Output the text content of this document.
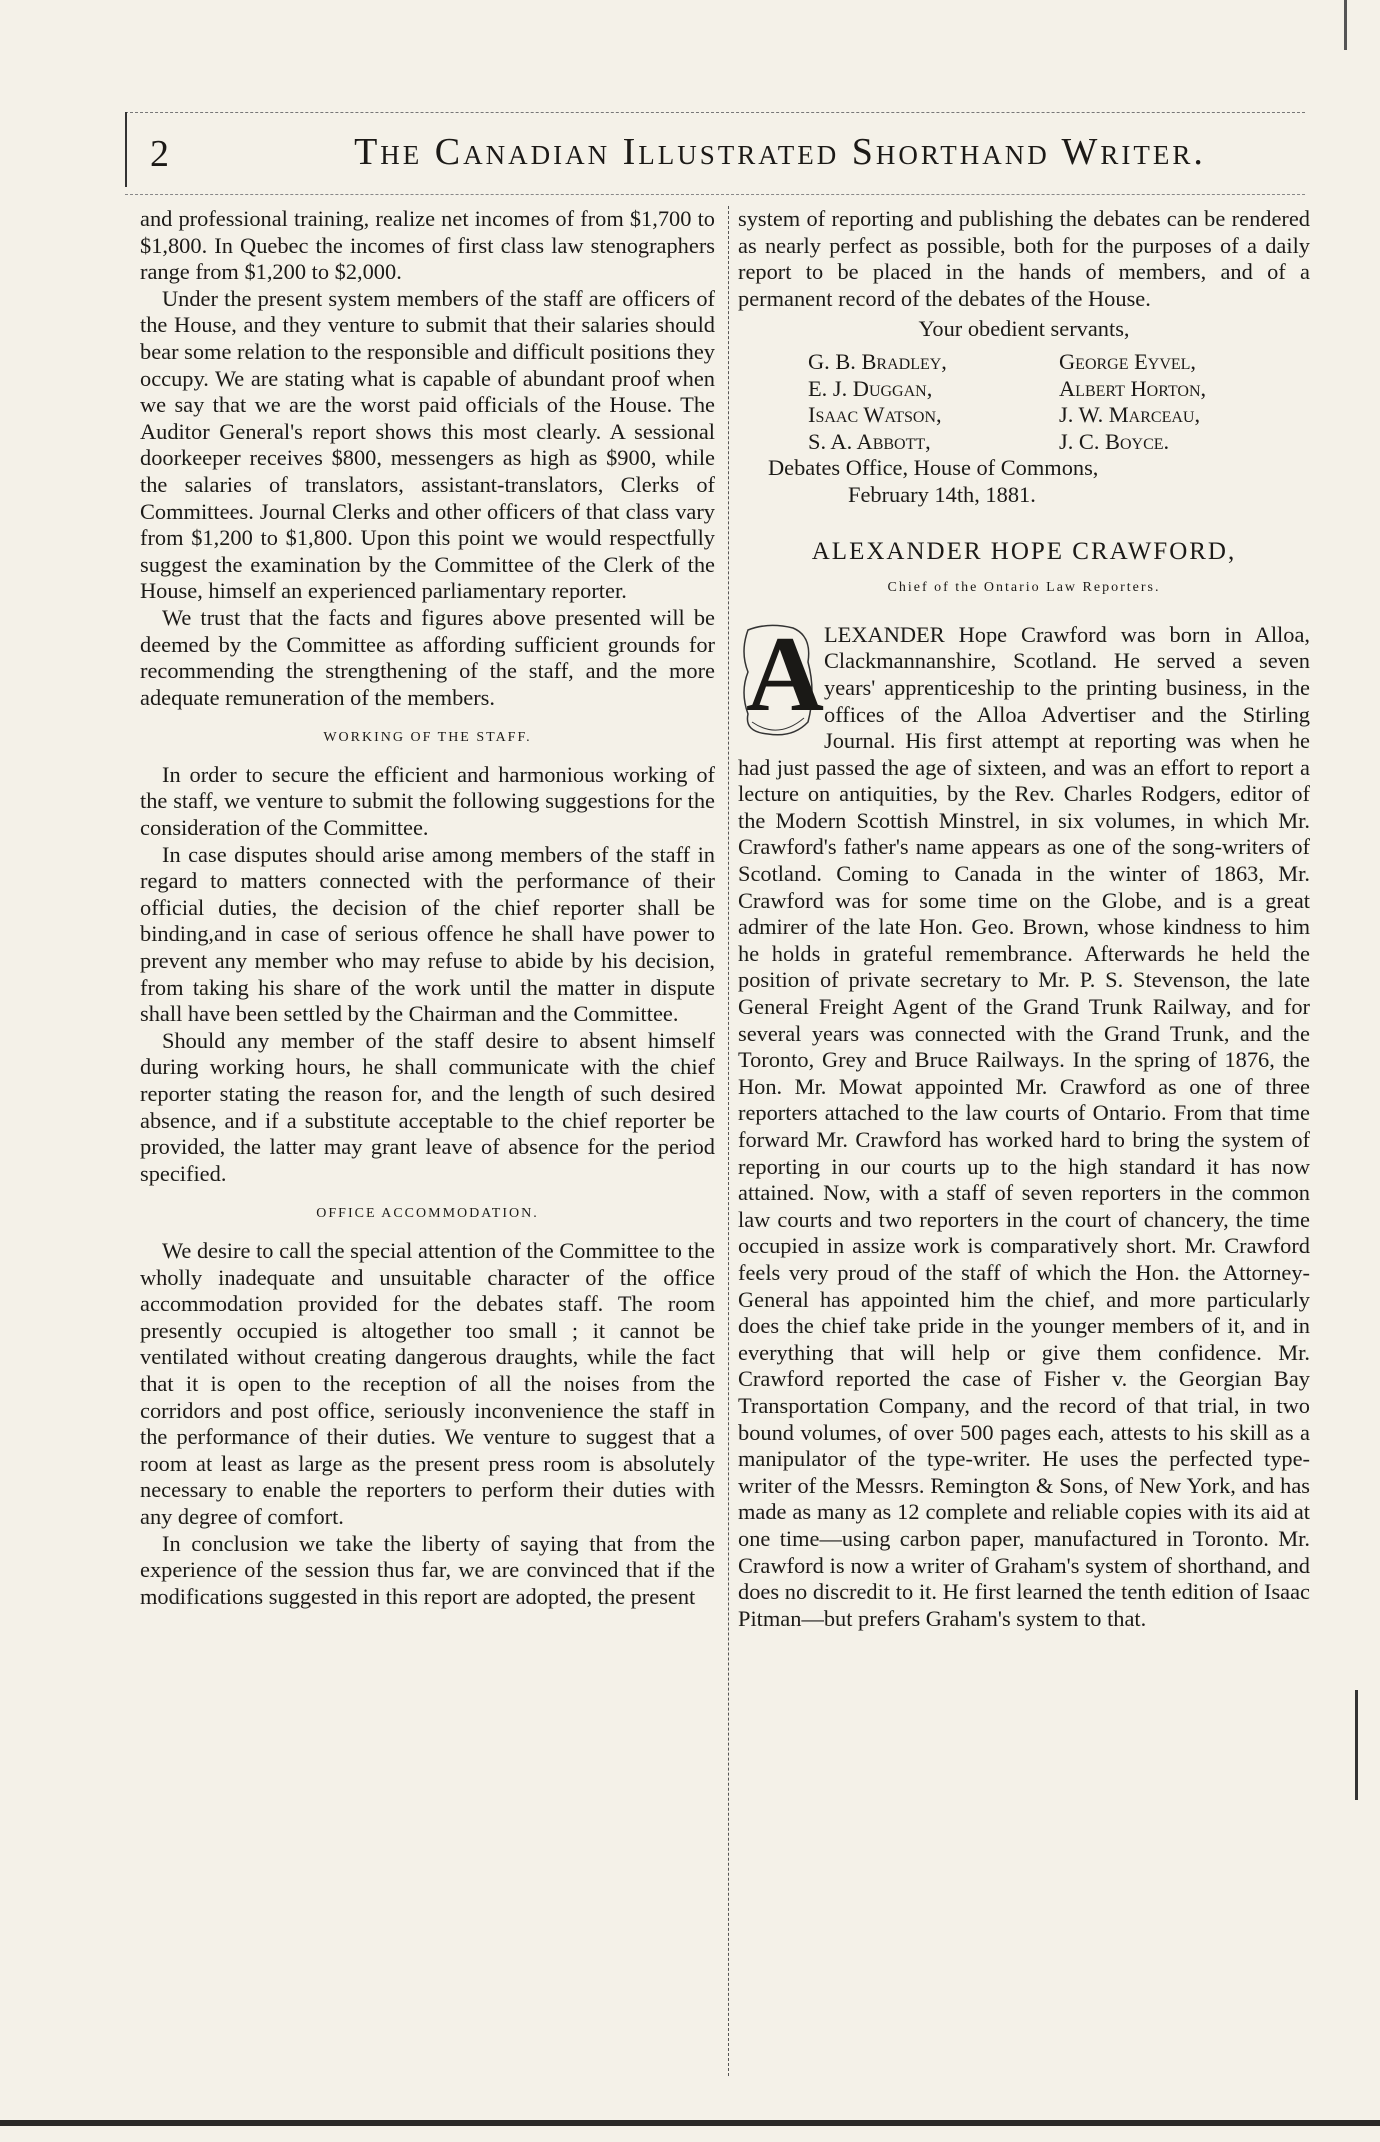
2	The Canadian Illustrated Shorthand Writer.

and professional training, realize net incomes of from $1,700 to $1,800. In Quebec the incomes of first class law stenographers range from $1,200 to $2,000.

Under the present system members of the staff are officers of the House, and they venture to submit that their salaries should bear some relation to the responsible and difficult positions they occupy. We are stating what is capable of abundant proof when we say that we are the worst paid officials of the House. The Auditor General's report shows this most clearly. A sessional doorkeeper receives $800, messengers as high as $900, while the salaries of translators, assistant-translators, Clerks of Committees. Journal Clerks and other officers of that class vary from $1,200 to $1,800. Upon this point we would respectfully suggest the examination by the Committee of the Clerk of the House, himself an experienced parliamentary reporter.

We trust that the facts and figures above presented will be deemed by the Committee as affording sufficient grounds for recommending the strengthening of the staff, and the more adequate remuneration of the members.

WORKING OF THE STAFF.

In order to secure the efficient and harmonious working of the staff, we venture to submit the following suggestions for the consideration of the Committee.

In case disputes should arise among members of the staff in regard to matters connected with the performance of their official duties, the decision of the chief reporter shall be binding,and in case of serious offence he shall have power to prevent any member who may refuse to abide by his decision, from taking his share of the work until the matter in dispute shall have been settled by the Chairman and the Committee.

Should any member of the staff desire to absent himself during working hours, he shall communicate with the chief reporter stating the reason for, and the length of such desired absence, and if a substitute acceptable to the chief reporter be provided, the latter may grant leave of absence for the period specified.

OFFICE ACCOMMODATION.

We desire to call the special attention of the Committee to the wholly inadequate and unsuitable character of the office accommodation provided for the debates staff. The room presently occupied is altogether too small ; it cannot be ventilated without creating dangerous draughts, while the fact that it is open to the reception of all the noises from the corridors and post office, seriously inconvenience the staff in the performance of their duties. We venture to suggest that a room at least as large as the present press room is absolutely necessary to enable the reporters to perform their duties with any degree of comfort.

In conclusion we take the liberty of saying that from the experience of the session thus far, we are convinced that if the modifications suggested in this report are adopted, the present

system of reporting and publishing the debates can be rendered as nearly perfect as possible, both for the purposes of a daily report to be placed in the hands of members, and of a permanent record of the debates of the House.

Your obedient servants,

G. B. Bradley,	George Eyvel,
E. J. Duggan,	Albert Horton,
Isaac Watson,	J. W. Marceau,
S. A. Abbott,	J. C. Boyce.

Debates Office, House of Commons,

February 14th, 1881.

ALEXANDER HOPE CRAWFORD,
Chief of the Ontario Law Reporters.
A LEXANDER Hope Crawford was born in Alloa, Clackmannanshire, Scotland. He served a seven years' apprenticeship to the printing business, in the offices of the Alloa Advertiser and the Stirling Journal. His first attempt at reporting was when he had just passed the age of sixteen, and was an effort to report a lecture on antiquities, by the Rev. Charles Rodgers, editor of the Modern Scottish Minstrel, in six volumes, in which Mr. Crawford's father's name appears as one of the song-writers of Scotland. Coming to Canada in the winter of 1863, Mr. Crawford was for some time on the Globe, and is a great admirer of the late Hon. Geo. Brown, whose kindness to him he holds in grateful remembrance. Afterwards he held the position of private secretary to Mr. P. S. Stevenson, the late General Freight Agent of the Grand Trunk Railway, and for several years was connected with the Grand Trunk, and the Toronto, Grey and Bruce Railways. In the spring of 1876, the Hon. Mr. Mowat appointed Mr. Crawford as one of three reporters attached to the law courts of Ontario. From that time forward Mr. Crawford has worked hard to bring the system of reporting in our courts up to the high standard it has now attained. Now, with a staff of seven reporters in the common law courts and two reporters in the court of chancery, the time occupied in assize work is comparatively short. Mr. Crawford feels very proud of the staff of which the Hon. the Attorney-General has appointed him the chief, and more particularly does the chief take pride in the younger members of it, and in everything that will help or give them confidence. Mr. Crawford reported the case of Fisher v. the Georgian Bay Transportation Company, and the record of that trial, in two bound volumes, of over 500 pages each, attests to his skill as a manipulator of the type-writer. He uses the perfected type-writer of the Messrs. Remington & Sons, of New York, and has made as many as 12 complete and reliable copies with its aid at one time—using carbon paper, manufactured in Toronto. Mr. Crawford is now a writer of Graham's system of shorthand, and does no discredit to it. He first learned the tenth edition of Isaac Pitman—but prefers Graham's system to that.
